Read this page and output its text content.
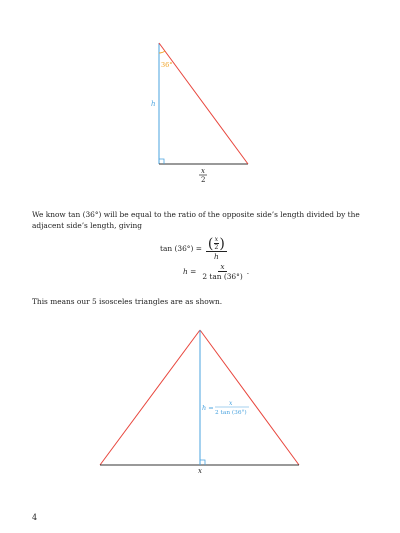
36°
h
x
2
h =
x
2 tan (36°)
x
We know tan (36°) will be equal to the ratio of the opposite side’s length divided by the adjacent side’s length, giving
$\tan (36^\circ) = \frac{( \frac{x}{2} )}{h}$
$h = \frac{x}{2 \tan (36^\circ)}$ .
This means our 5 isosceles triangles are as shown.
4
